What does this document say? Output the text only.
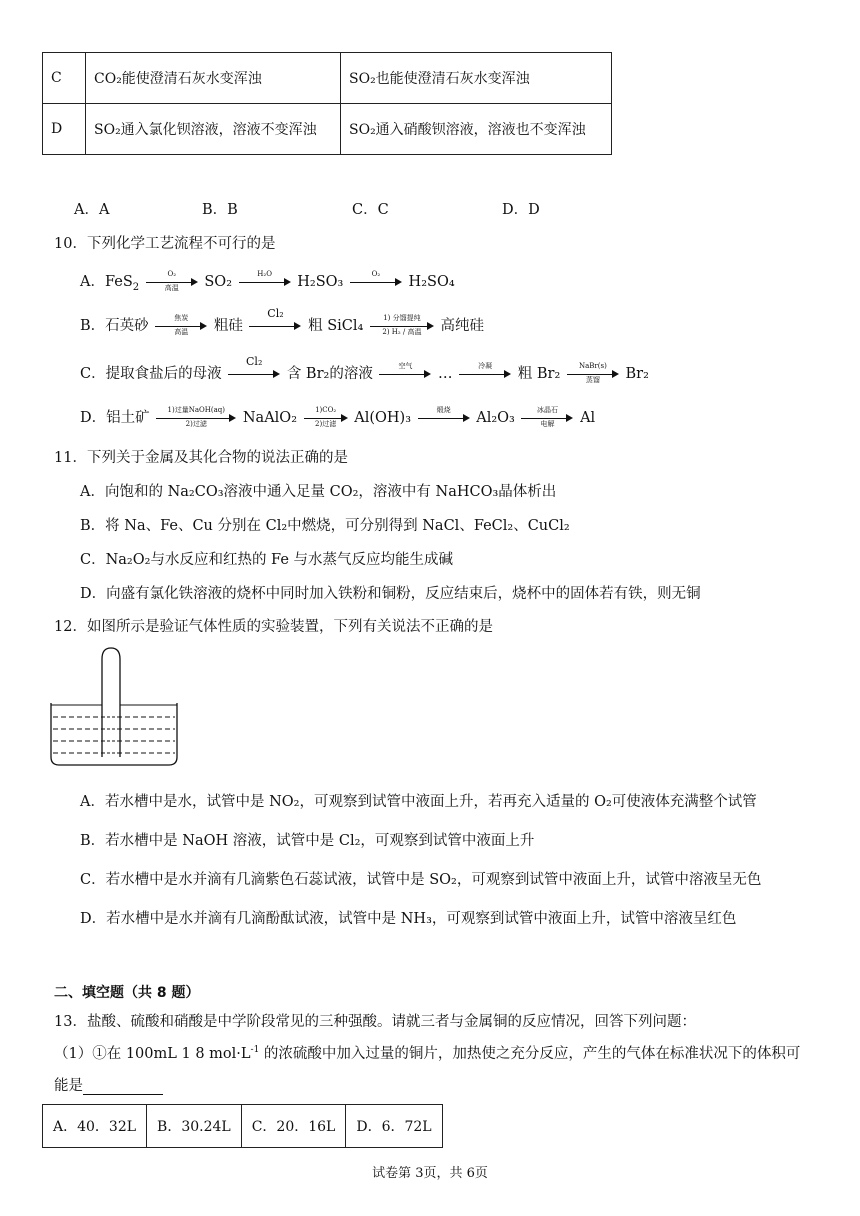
C	CO₂能使澄清石灰水变浑浊	SO₂也能使澄清石灰水变浑浊
D	SO₂通入氯化钡溶液，溶液不变浑浊	SO₂通入硝酸钡溶液，溶液也不变浑浊
A．A	B．B	C．C	D．D
10．下列化学工艺流程不可行的是
A．FeS$_2$
O₂
高温	SO₂	H₂O	H₂SO₃	O₂	H₂SO₄
B．石英砂	焦炭
高温	粗硅
Cl₂
粗 SiCl₄	1) 分馏提纯
2) H₂ / 高温	高纯硅
C．提取食盐后的母液
Cl₂
含 Br₂的溶液	空气	…	冷凝	粗 Br₂	NaBr(s)
蒸馏	Br₂
D．铝土矿	1)过量NaOH(aq)
2)过滤	NaAlO₂	1)CO₂
2)过滤	Al(OH)₃	煅烧	Al₂O₃	冰晶石
电解	Al
11．下列关于金属及其化合物的说法正确的是
A．向饱和的 Na₂CO₃溶液中通入足量 CO₂，溶液中有 NaHCO₃晶体析出
B．将 Na、Fe、Cu 分别在 Cl₂中燃烧，可分别得到 NaCl、FeCl₂、CuCl₂
C．Na₂O₂与水反应和红热的 Fe 与水蒸气反应均能生成碱
D．向盛有氯化铁溶液的烧杯中同时加入铁粉和铜粉，反应结束后，烧杯中的固体若有铁，则无铜
12．如图所示是验证气体性质的实验装置，下列有关说法不正确的是
A．若水槽中是水，试管中是 NO₂，可观察到试管中液面上升，若再充入适量的 O₂可使液体充满整个试管
B．若水槽中是 NaOH 溶液，试管中是 Cl₂，可观察到试管中液面上升
C．若水槽中是水并滴有几滴紫色石蕊试液，试管中是 SO₂，可观察到试管中液面上升，试管中溶液呈无色
D．若水槽中是水并滴有几滴酚酞试液，试管中是 NH₃，可观察到试管中液面上升，试管中溶液呈红色
二、填空题（共 8 题）
13．盐酸、硫酸和硝酸是中学阶段常见的三种强酸。请就三者与金属铜的反应情况，回答下列问题：
（1）①在 100mL 1 8 $mol\cdot L^{-1}$ 的浓硫酸中加入过量的铜片，加热使之充分反应，产生的气体在标准状况下的体积可
能是
A．40．32L	B．30.24L	C．20．16L	D．6．72L
试卷第 3页，共 6页
